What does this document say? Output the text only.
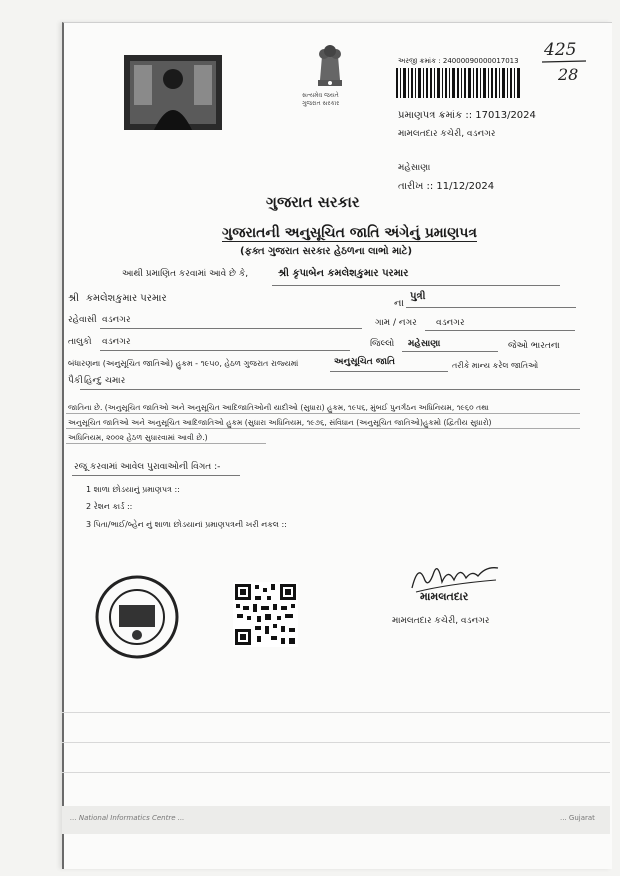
સત્યમેવ જયતે
ગુજરાત સરકાર
અરજી ક્રમાંક : 24000090000017013
પ્રમાણપત્ર ક્રમાંક :: 17013/2024
મામલતદાર કચેરી, વડનગર
મહેસાણા
તારીખ :: 11/12/2024
425
28
ગુજરાત સરકાર
ગુજરાતની અનુસૂચિત જાતિ અંગેનું પ્રમાણપત્ર
(ફક્ત ગુજરાત સરકાર હેઠળના લાભો માટે)
આથી પ્રમાણિત કરવામાં આવે છે કે,	શ્રી કૃપાબેન કમલેશકુમાર પરમાર
શ્રી કમલેશકુમાર પરમાર	ના
પુત્રી
રહેવાસી વડનગર	ગામ / નગર વડનગર
તાલુકો વડનગર	જિલ્લો મહેસાણા	જેઓ ભારતના
બંધારણના (અનુસૂચિત જાતિઓ) હુકમ - ૧૯૫૦, હેઠળ ગુજરાત રાજ્યમાં	અનુસૂચિત જાતિ	તરીકે માન્ય કરેલ જાતિઓ
પૈકી હિન્દુ ચમાર
જાતિના છે. (અનુસૂચિત જાતિઓ અને અનુસૂચિત આદિજાતિઓની યાદીઓ (સુધારા) હુકમ, ૧૯૫૬, મુંબઈ પુનર્ગઠન અધિનિયમ, ૧૯૬૦ તથા
અનુસૂચિત જાતિઓ અને અનુસૂચિત આદિજાતિઓ હુકમ (સુધારા અધિનિયમ, ૧૯૭૬, સંવિધાન (અનુસૂચિત જાતિઓ)હુકમો (દ્વિતીય સુધારો)
અધિનિયમ, ૨૦૦૨ હેઠળ સુધારવામાં આવી છે.)
રજૂ કરવામાં આવેલ પુરાવાઓની વિગત :-
1 શાળા છોડયાનું પ્રમાણપત્ર ::
2 રેશન કાર્ડ ::
3 પિતા/ભાઈ/બ્હેન નું શાળા છોડયાનાં પ્રમાણપત્રની ખરી નકલ ::
મામલતદાર
મામલતદાર કચેરી, વડનગર
... National Informatics Centre ...	... Gujarat
